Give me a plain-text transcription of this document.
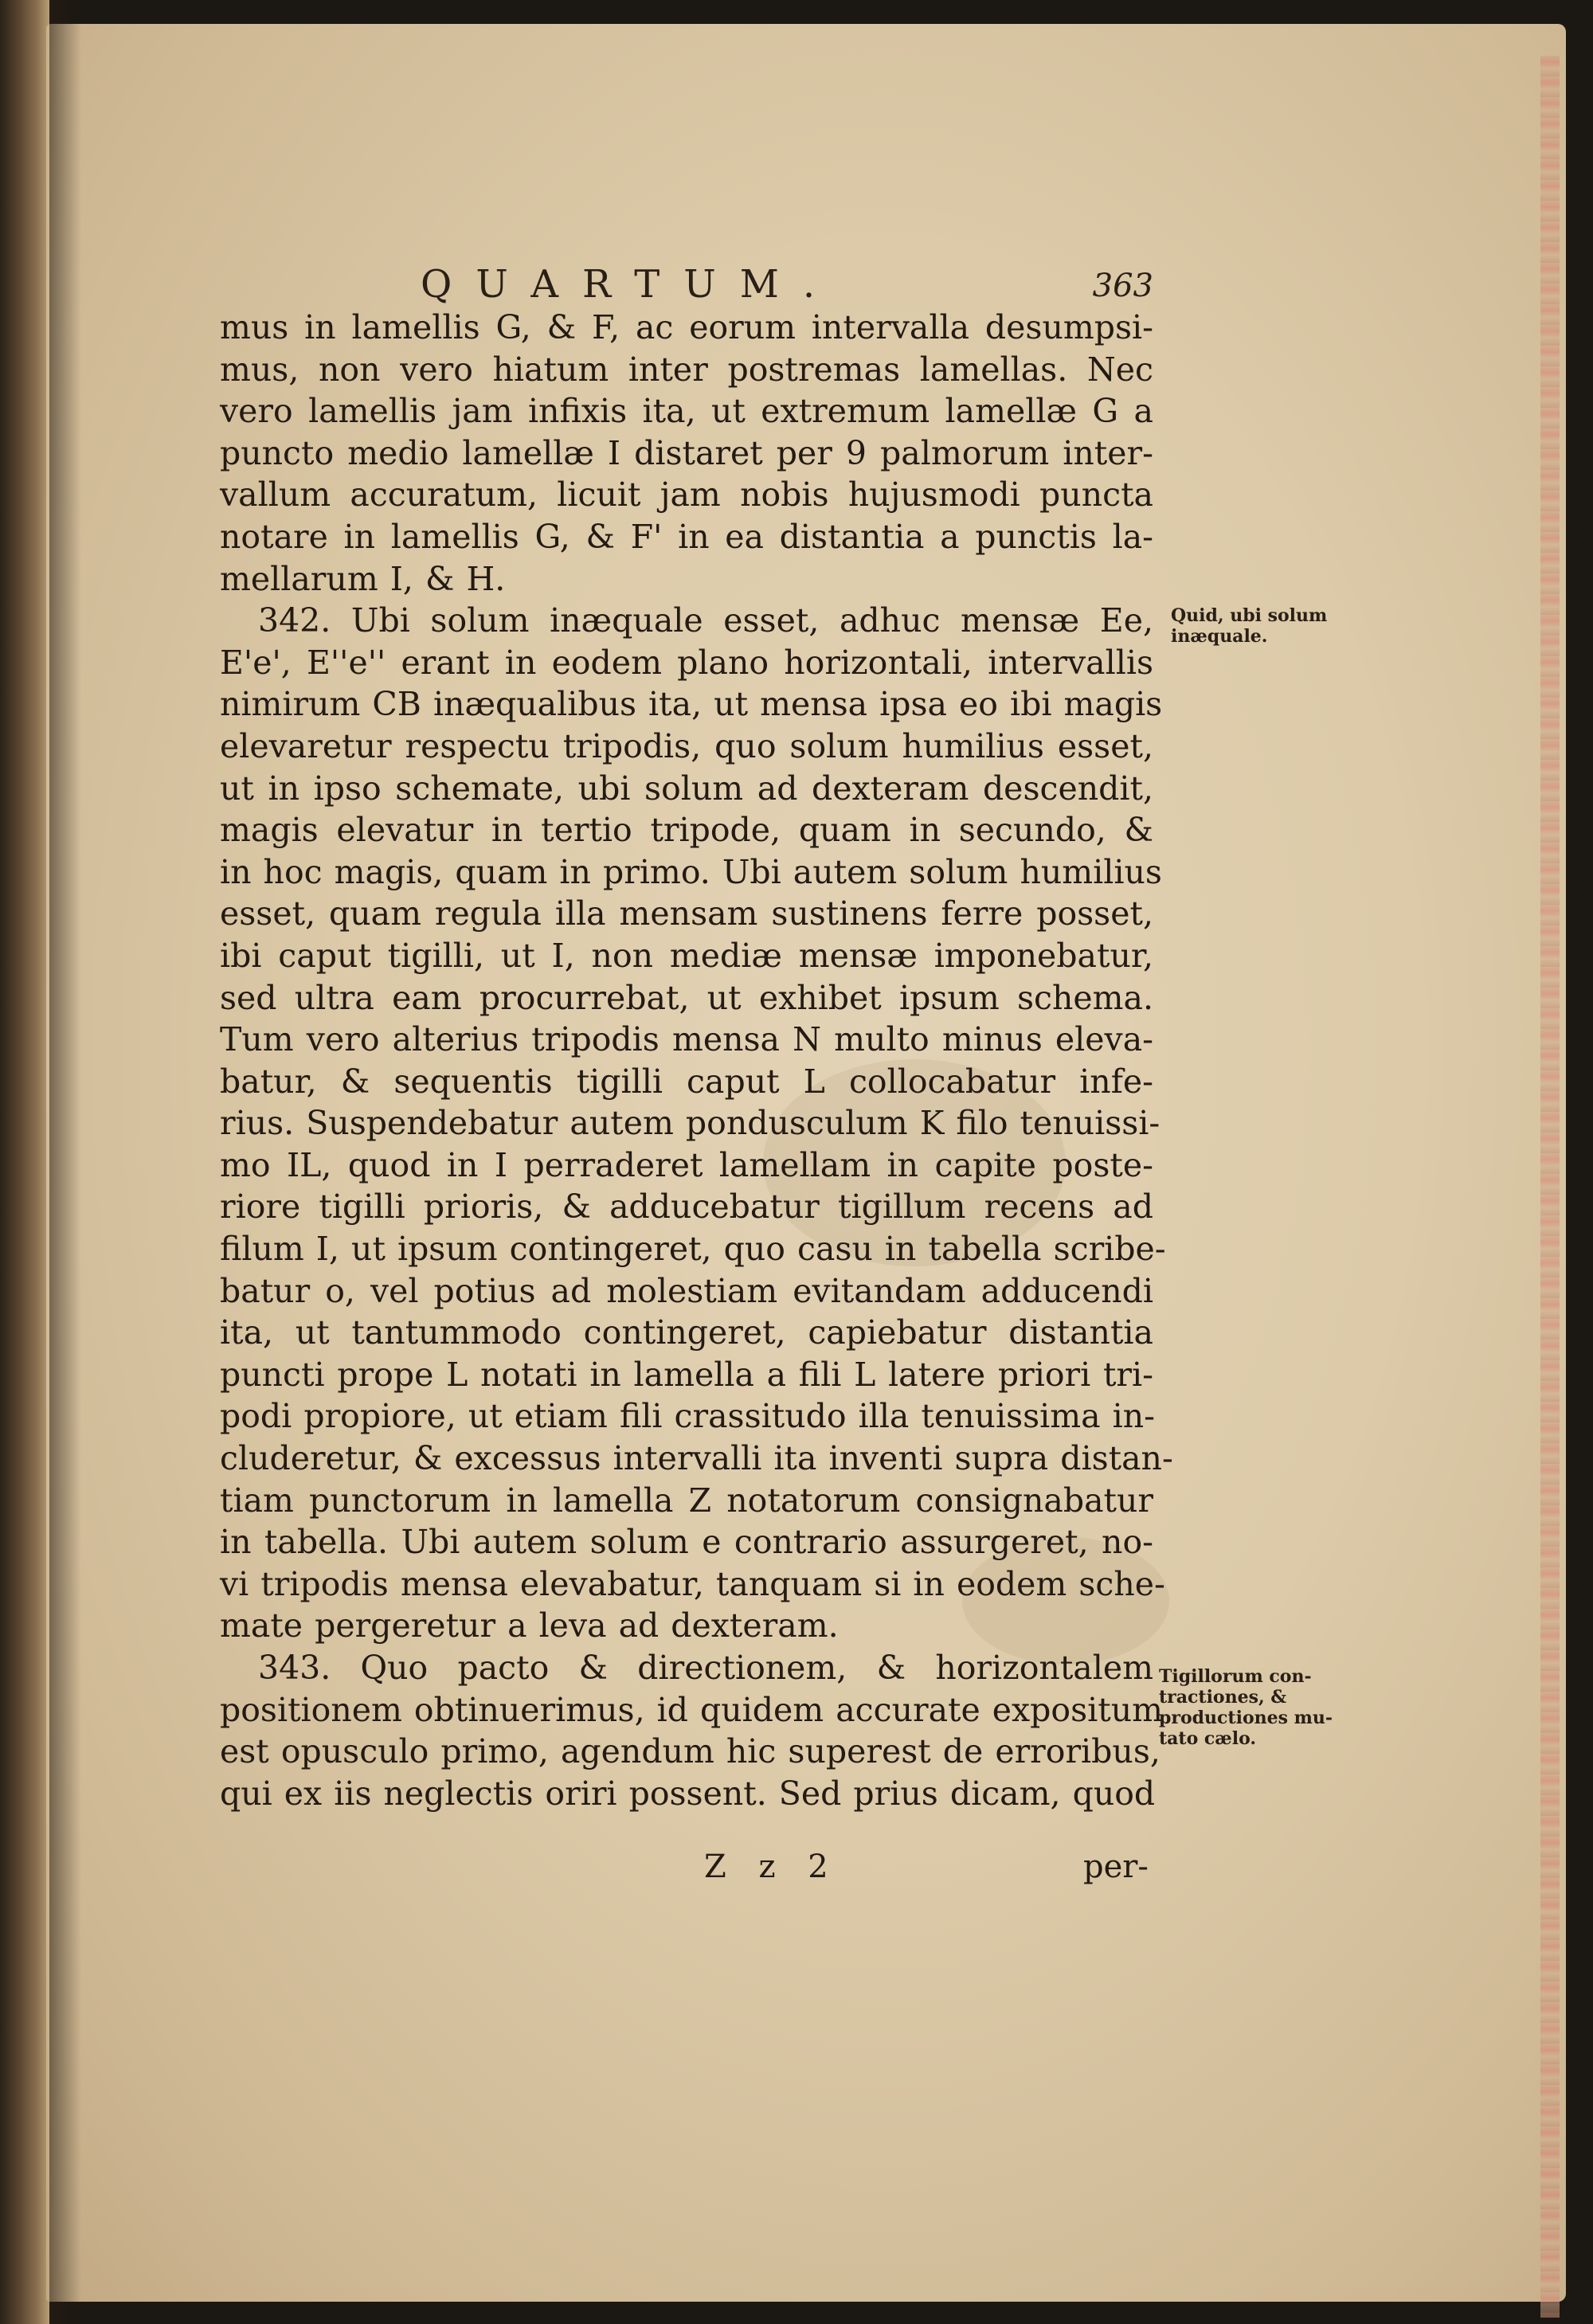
QUARTUM.	363
mus in lamellis G, & F, ac eorum intervalla desumpsi-
mus, non vero hiatum inter postremas lamellas. Nec
vero lamellis jam infixis ita, ut extremum lamellæ G a
puncto medio lamellæ I distaret per 9 palmorum inter-
vallum accuratum, licuit jam nobis hujusmodi puncta
notare in lamellis G, & F' in ea distantia a punctis la-
mellarum I, & H.
342. Ubi solum inæquale esset, adhuc mensæ Ee,
E'e', E''e'' erant in eodem plano horizontali, intervallis
nimirum CB inæqualibus ita, ut mensa ipsa eo ibi magis
elevaretur respectu tripodis, quo solum humilius esset,
ut in ipso schemate, ubi solum ad dexteram descendit,
magis elevatur in tertio tripode, quam in secundo, &
in hoc magis, quam in primo. Ubi autem solum humilius
esset, quam regula illa mensam sustinens ferre posset,
ibi caput tigilli, ut I, non mediæ mensæ imponebatur,
sed ultra eam procurrebat, ut exhibet ipsum schema.
Tum vero alterius tripodis mensa N multo minus eleva-
batur, & sequentis tigilli caput L collocabatur infe-
rius. Suspendebatur autem pondusculum K filo tenuissi-
mo IL, quod in I perraderet lamellam in capite poste-
riore tigilli prioris, & adducebatur tigillum recens ad
filum I, ut ipsum contingeret, quo casu in tabella scribe-
batur o, vel potius ad molestiam evitandam adducendi
ita, ut tantummodo contingeret, capiebatur distantia
puncti prope L notati in lamella a fili L latere priori tri-
podi propiore, ut etiam fili crassitudo illa tenuissima in-
cluderetur, & excessus intervalli ita inventi supra distan-
tiam punctorum in lamella Z notatorum consignabatur
in tabella. Ubi autem solum e contrario assurgeret, no-
vi tripodis mensa elevabatur, tanquam si in eodem sche-
mate pergeretur a leva ad dexteram.
343. Quo pacto & directionem, & horizontalem
positionem obtinuerimus, id quidem accurate expositum
est opusculo primo, agendum hic superest de erroribus,
qui ex iis neglectis oriri possent. Sed prius dicam, quod
Quid, ubi solum
inæquale.
Tigillorum con-
tractiones, &
productiones mu-
tato cælo.
Z z 2	per-
